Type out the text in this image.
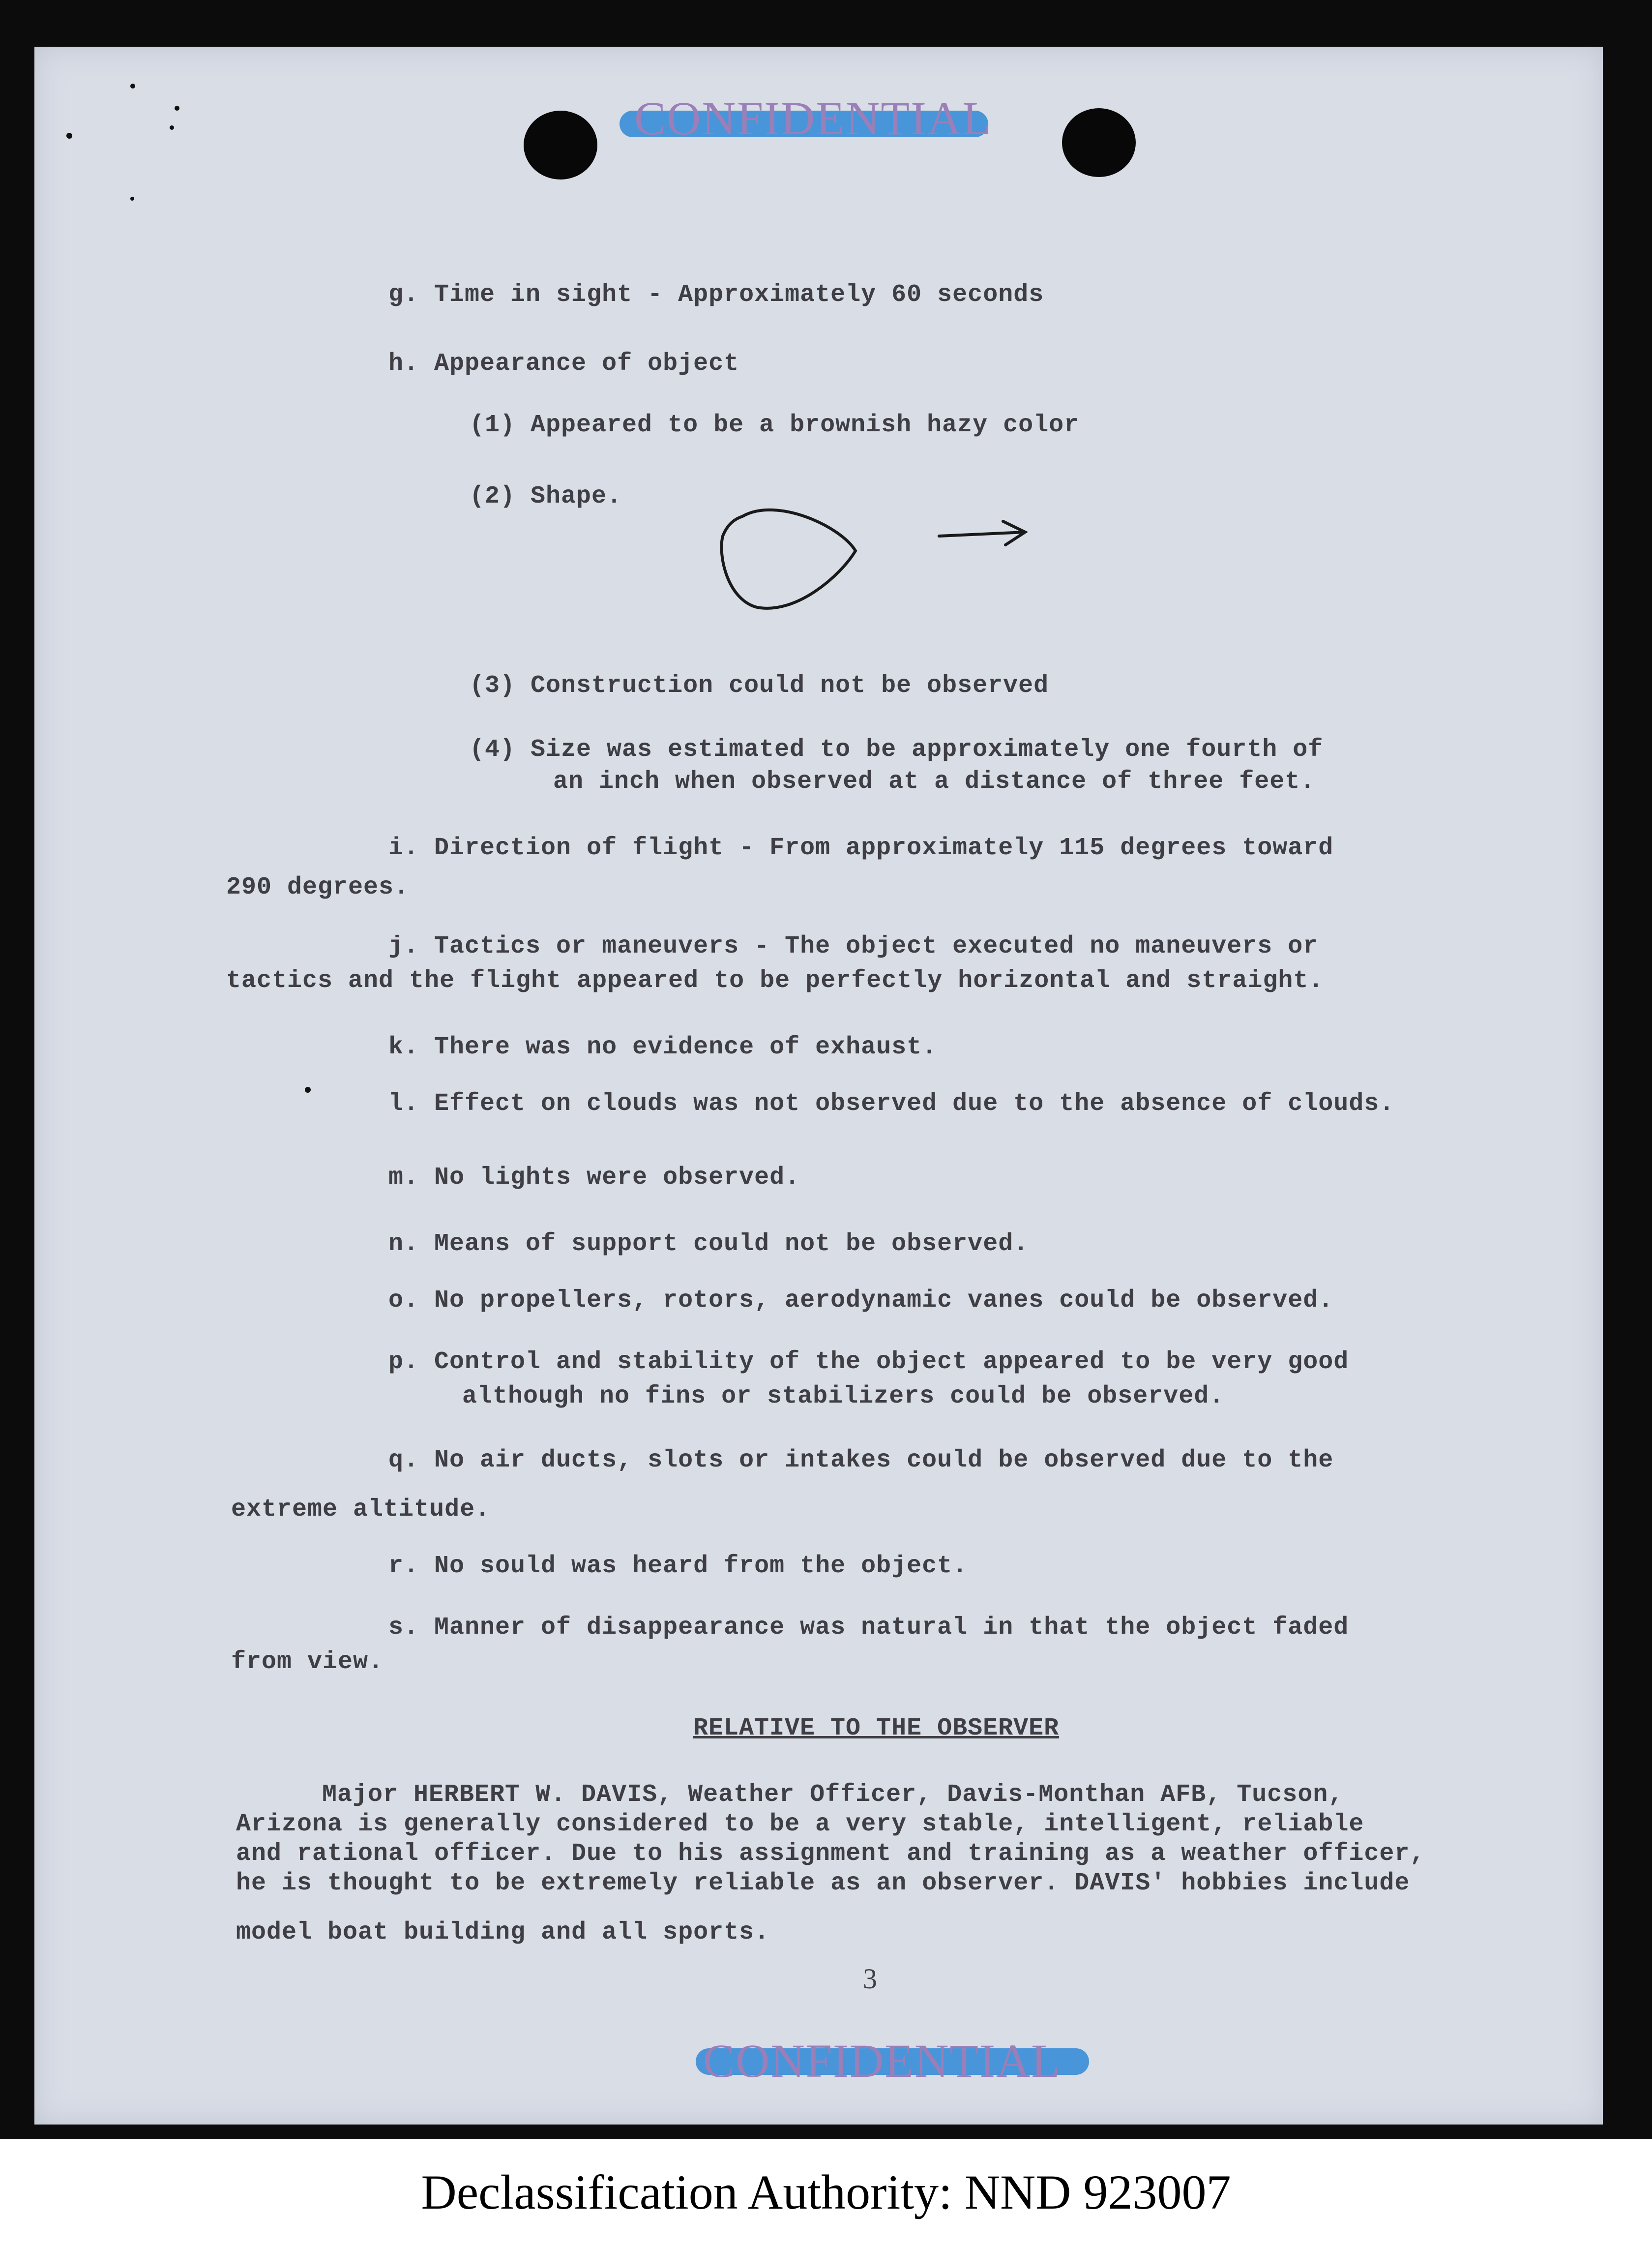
CONFIDENTIAL
g. Time in sight - Approximately 60 seconds
h. Appearance of object
(1) Appeared to be a brownish hazy color
(2) Shape.
(3) Construction could not be observed
(4) Size was estimated to be approximately one fourth of
an inch when observed at a distance of three feet.
i. Direction of flight - From approximately 115 degrees toward
290 degrees.
j. Tactics or maneuvers - The object executed no maneuvers or
tactics and the flight appeared to be perfectly horizontal and straight.
k. There was no evidence of exhaust.
l. Effect on clouds was not observed due to the absence of clouds.
m. No lights were observed.
n. Means of support could not be observed.
o. No propellers, rotors, aerodynamic vanes could be observed.
p. Control and stability of the object appeared to be very good
although no fins or stabilizers could be observed.
q. No air ducts, slots or intakes could be observed due to the
extreme altitude.
r. No sould was heard from the object.
s. Manner of disappearance was natural in that the object faded
from view.
RELATIVE TO THE OBSERVER
Major HERBERT W. DAVIS, Weather Officer, Davis-Monthan AFB, Tucson,
Arizona is generally considered to be a very stable, intelligent, reliable
and rational officer. Due to his assignment and training as a weather officer,
he is thought to be extremely reliable as an observer. DAVIS' hobbies include
model boat building and all sports.
3
CONFIDENTIAL
Declassification Authority: NND 923007
